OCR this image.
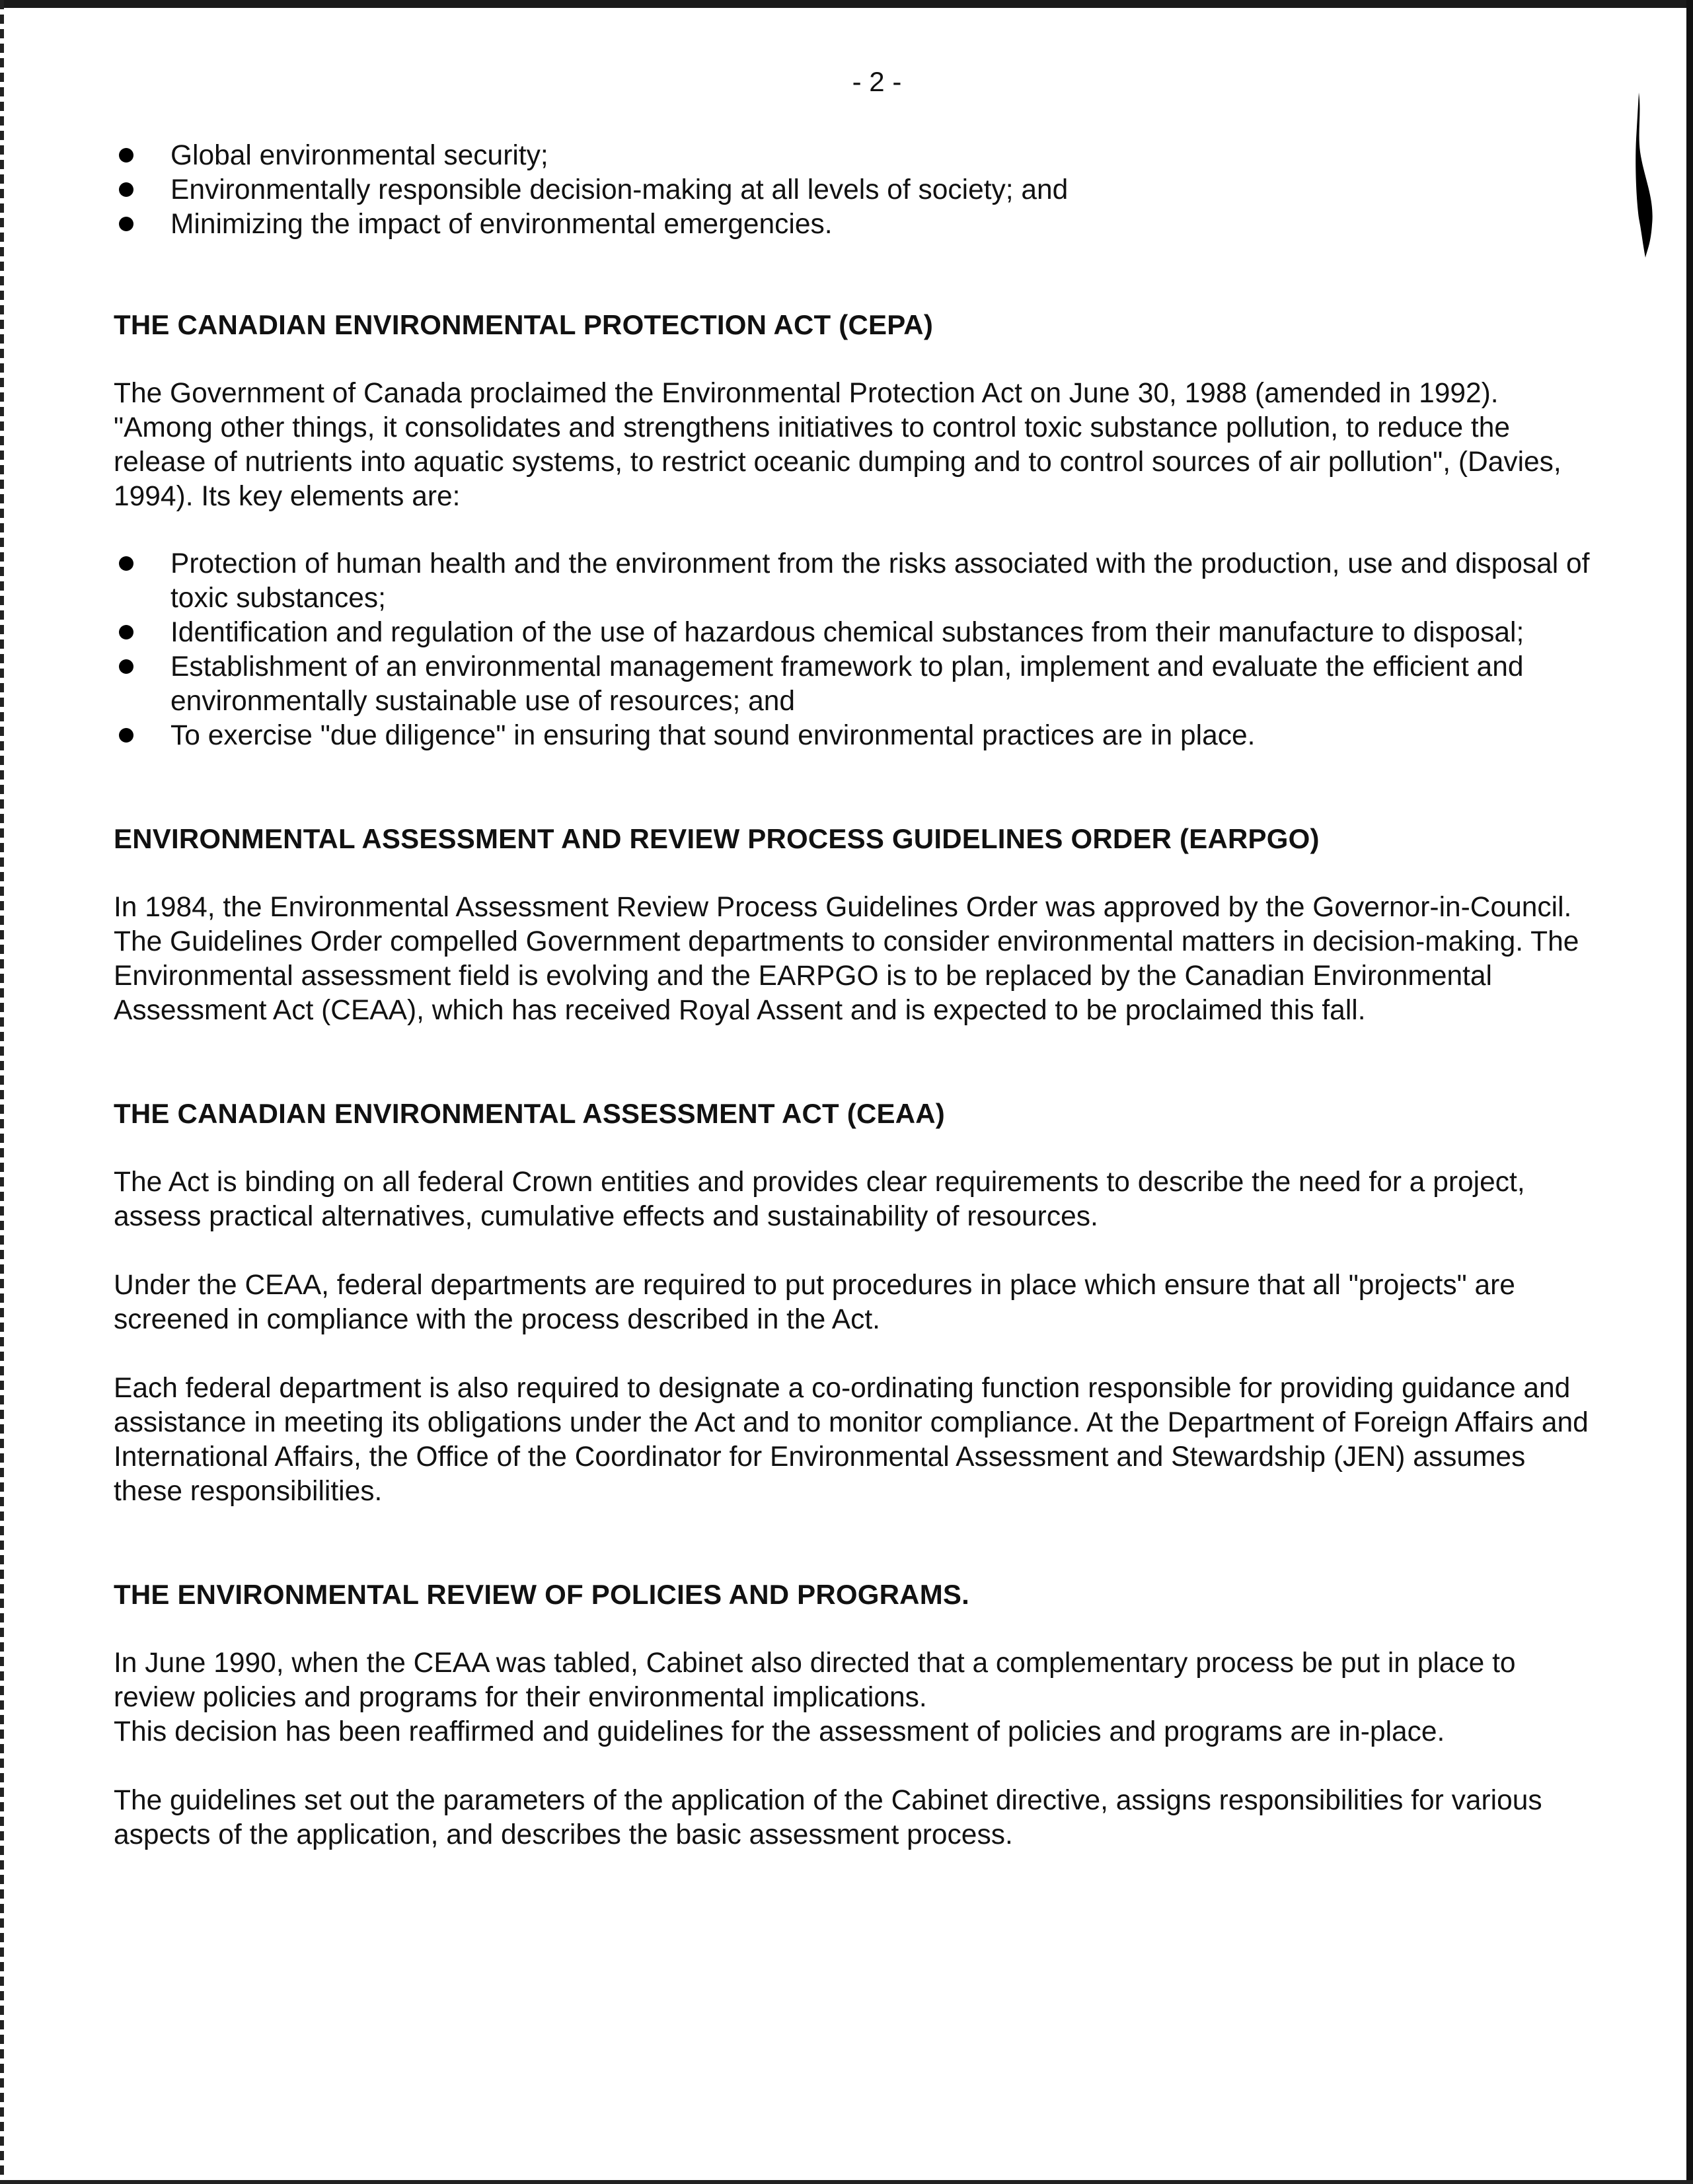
- 2 -
Global environmental security;
Environmentally responsible decision-making at all levels of society; and
Minimizing the impact of environmental emergencies.
THE CANADIAN ENVIRONMENTAL PROTECTION ACT (CEPA)

The Government of Canada proclaimed the Environmental Protection Act on June 30, 1988 (amended in 1992). "Among other things, it consolidates and strengthens initiatives to control toxic substance pollution, to reduce the release of nutrients into aquatic systems, to restrict oceanic dumping and to control sources of air pollution", (Davies, 1994). Its key elements are:

Protection of human health and the environment from the risks associated with the production, use and disposal of toxic substances;
Identification and regulation of the use of hazardous chemical substances from their manufacture to disposal;
Establishment of an environmental management framework to plan, implement and evaluate the efficient and environmentally sustainable use of resources; and
To exercise "due diligence" in ensuring that sound environmental practices are in place.
ENVIRONMENTAL ASSESSMENT AND REVIEW PROCESS GUIDELINES ORDER (EARPGO)

In 1984, the Environmental Assessment Review Process Guidelines Order was approved by the Governor-in-Council. The Guidelines Order compelled Government departments to consider environmental matters in decision-making. The Environmental assessment field is evolving and the EARPGO is to be replaced by the Canadian Environmental Assessment Act (CEAA), which has received Royal Assent and is expected to be proclaimed this fall.

THE CANADIAN ENVIRONMENTAL ASSESSMENT ACT (CEAA)

The Act is binding on all federal Crown entities and provides clear requirements to describe the need for a project, assess practical alternatives, cumulative effects and sustainability of resources.

Under the CEAA, federal departments are required to put procedures in place which ensure that all "projects" are screened in compliance with the process described in the Act.

Each federal department is also required to designate a co-ordinating function responsible for providing guidance and assistance in meeting its obligations under the Act and to monitor compliance. At the Department of Foreign Affairs and International Affairs, the Office of the Coordinator for Environmental Assessment and Stewardship (JEN) assumes these responsibilities.

THE ENVIRONMENTAL REVIEW OF POLICIES AND PROGRAMS.

In June 1990, when the CEAA was tabled, Cabinet also directed that a complementary process be put in place to review policies and programs for their environmental implications.

This decision has been reaffirmed and guidelines for the assessment of policies and programs are in-place.

The guidelines set out the parameters of the application of the Cabinet directive, assigns responsibilities for various aspects of the application, and describes the basic assessment process.
